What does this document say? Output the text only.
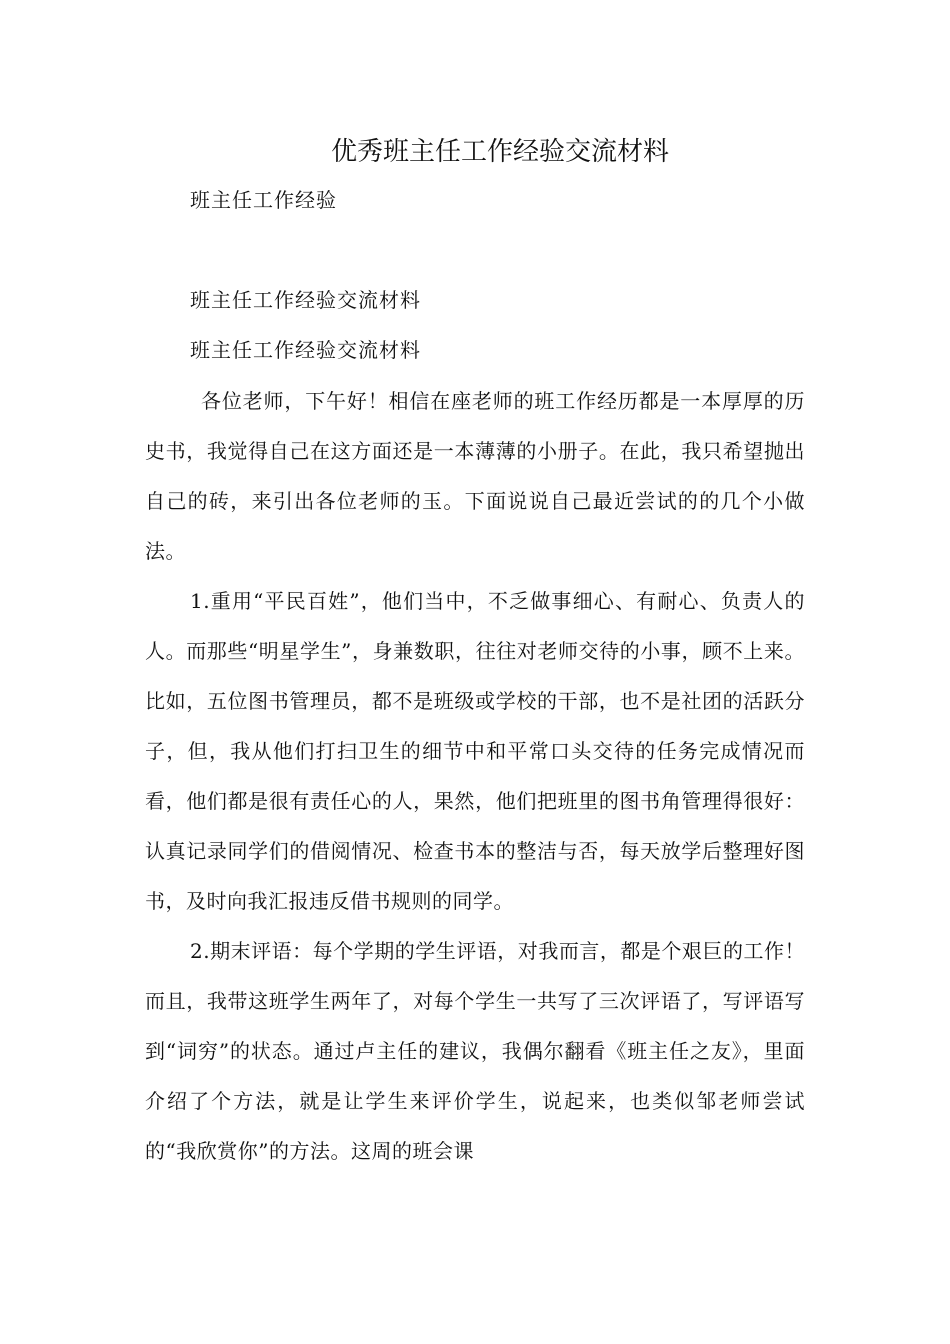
优秀班主任工作经验交流材料
班主任工作经验
班主任工作经验交流材料
班主任工作经验交流材料

各位老师，下午好！相信在座老师的班工作经历都是一本厚厚的历史书，我觉得自己在这方面还是一本薄薄的小册子。在此，我只希望抛出自己的砖，来引出各位老师的玉。下面说说自己最近尝试的的几个小做法。

1.重用“平民百姓”，他们当中，不乏做事细心、有耐心、负责人的人。而那些“明星学生”，身兼数职，往往对老师交待的小事，顾不上来。比如，五位图书管理员，都不是班级或学校的干部，也不是社团的活跃分子，但，我从他们打扫卫生的细节中和平常口头交待的任务完成情况而看，他们都是很有责任心的人，果然，他们把班里的图书角管理得很好：认真记录同学们的借阅情况、检查书本的整洁与否，每天放学后整理好图书，及时向我汇报违反借书规则的同学。

2.期末评语：每个学期的学生评语，对我而言，都是个艰巨的工作！而且，我带这班学生两年了，对每个学生一共写了三次评语了，写评语写到“词穷”的状态。通过卢主任的建议，我偶尔翻看《班主任之友》，里面介绍了个方法，就是让学生来评价学生，说起来，也类似邹老师尝试的“我欣赏你”的方法。这周的班会课
